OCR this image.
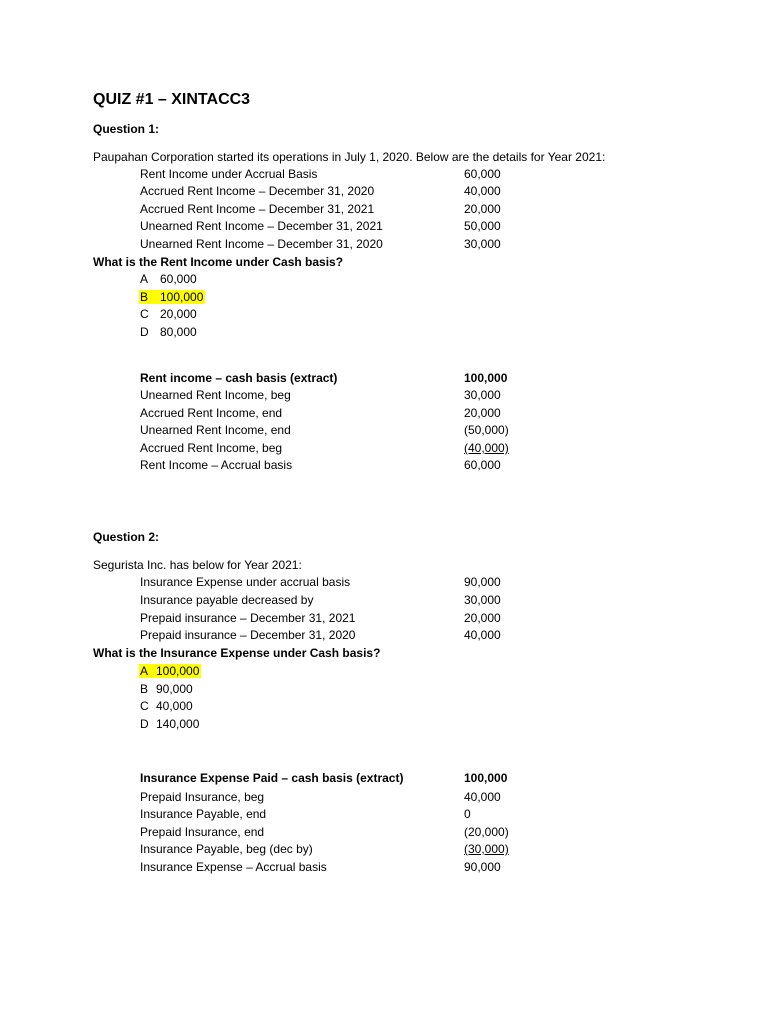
QUIZ #1 – XINTACC3
Question 1:
Paupahan Corporation started its operations in July 1, 2020. Below are the details for Year 2021:
Rent Income under Accrual Basis	60,000
Accrued Rent Income – December 31, 2020	40,000
Accrued Rent Income – December 31, 2021	20,000
Unearned Rent Income – December 31, 2021	50,000
Unearned Rent Income – December 31, 2020	30,000
What is the Rent Income under Cash basis?
A 60,000
B 100,000
C 20,000
D 80,000
Rent income – cash basis (extract)	100,000
Unearned Rent Income, beg	30,000
Accrued Rent Income, end	20,000
Unearned Rent Income, end	(50,000)
Accrued Rent Income, beg	(40,000)
Rent Income – Accrual basis	60,000
Question 2:
Segurista Inc. has below for Year 2021:
Insurance Expense under accrual basis	90,000
Insurance payable decreased by	30,000
Prepaid insurance – December 31, 2021	20,000
Prepaid insurance – December 31, 2020	40,000
What is the Insurance Expense under Cash basis?
A 100,000
B 90,000
C 40,000
D 140,000
Insurance Expense Paid – cash basis (extract)	100,000
Prepaid Insurance, beg	40,000
Insurance Payable, end	0
Prepaid Insurance, end	(20,000)
Insurance Payable, beg (dec by)	(30,000)
Insurance Expense – Accrual basis	90,000
